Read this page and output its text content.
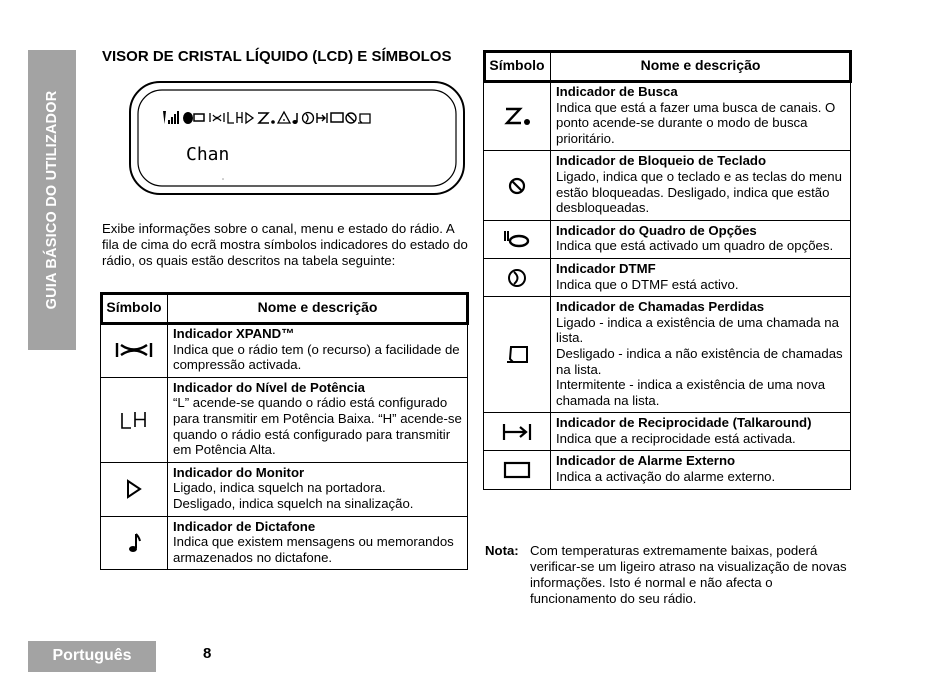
GUIA BÁSICO DO UTILIZADOR
VISOR DE CRISTAL LÍQUIDO (LCD) E SÍMBOLOS
Chan

Exibe informações sobre o canal, menu e estado do rádio. A fila de cima do ecrã mostra símbolos indicadores do estado do rádio, os quais estão descritos na tabela seguinte:

Símbolo	Nome e descrição

Indicador XPAND™
Indica que o rádio tem (o recurso) a facilidade de compressão activada.

Indicador do Nível de Potência
“L” acende-se quando o rádio está configurado para transmitir em Potência Baixa. “H” acende-se quando o rádio está configurado para transmitir em Potência Alta.

Indicador do Monitor
Ligado, indica squelch na portadora.
Desligado, indica squelch na sinalização.

Indicador de Dictafone
Indica que existem mensagens ou memorandos armazenados no dictafone.
Símbolo	Nome e descrição

Indicador de Busca
Indica que está a fazer uma busca de canais. O ponto acende-se durante o modo de busca prioritário.

Indicador de Bloqueio de Teclado
Ligado, indica que o teclado e as teclas do menu estão bloqueadas. Desligado, indica que estão desbloqueadas.

Indicador do Quadro de Opções
Indica que está activado um quadro de opções.

Indicador DTMF
Indica que o DTMF está activo.

Indicador de Chamadas Perdidas
Ligado - indica a existência de uma chamada na lista.
Desligado - indica a não existência de chamadas na lista.
Intermitente - indica a existência de uma nova chamada na lista.

Indicador de Reciprocidade (Talkaround)
Indica que a reciprocidade está activada.

Indicador de Alarme Externo
Indica a activação do alarme externo.
Nota: Com temperaturas extremamente baixas, poderá verificar-se um ligeiro atraso na visualização de novas informações. Isto é normal e não afecta o funcionamento do seu rádio.
Português	8
